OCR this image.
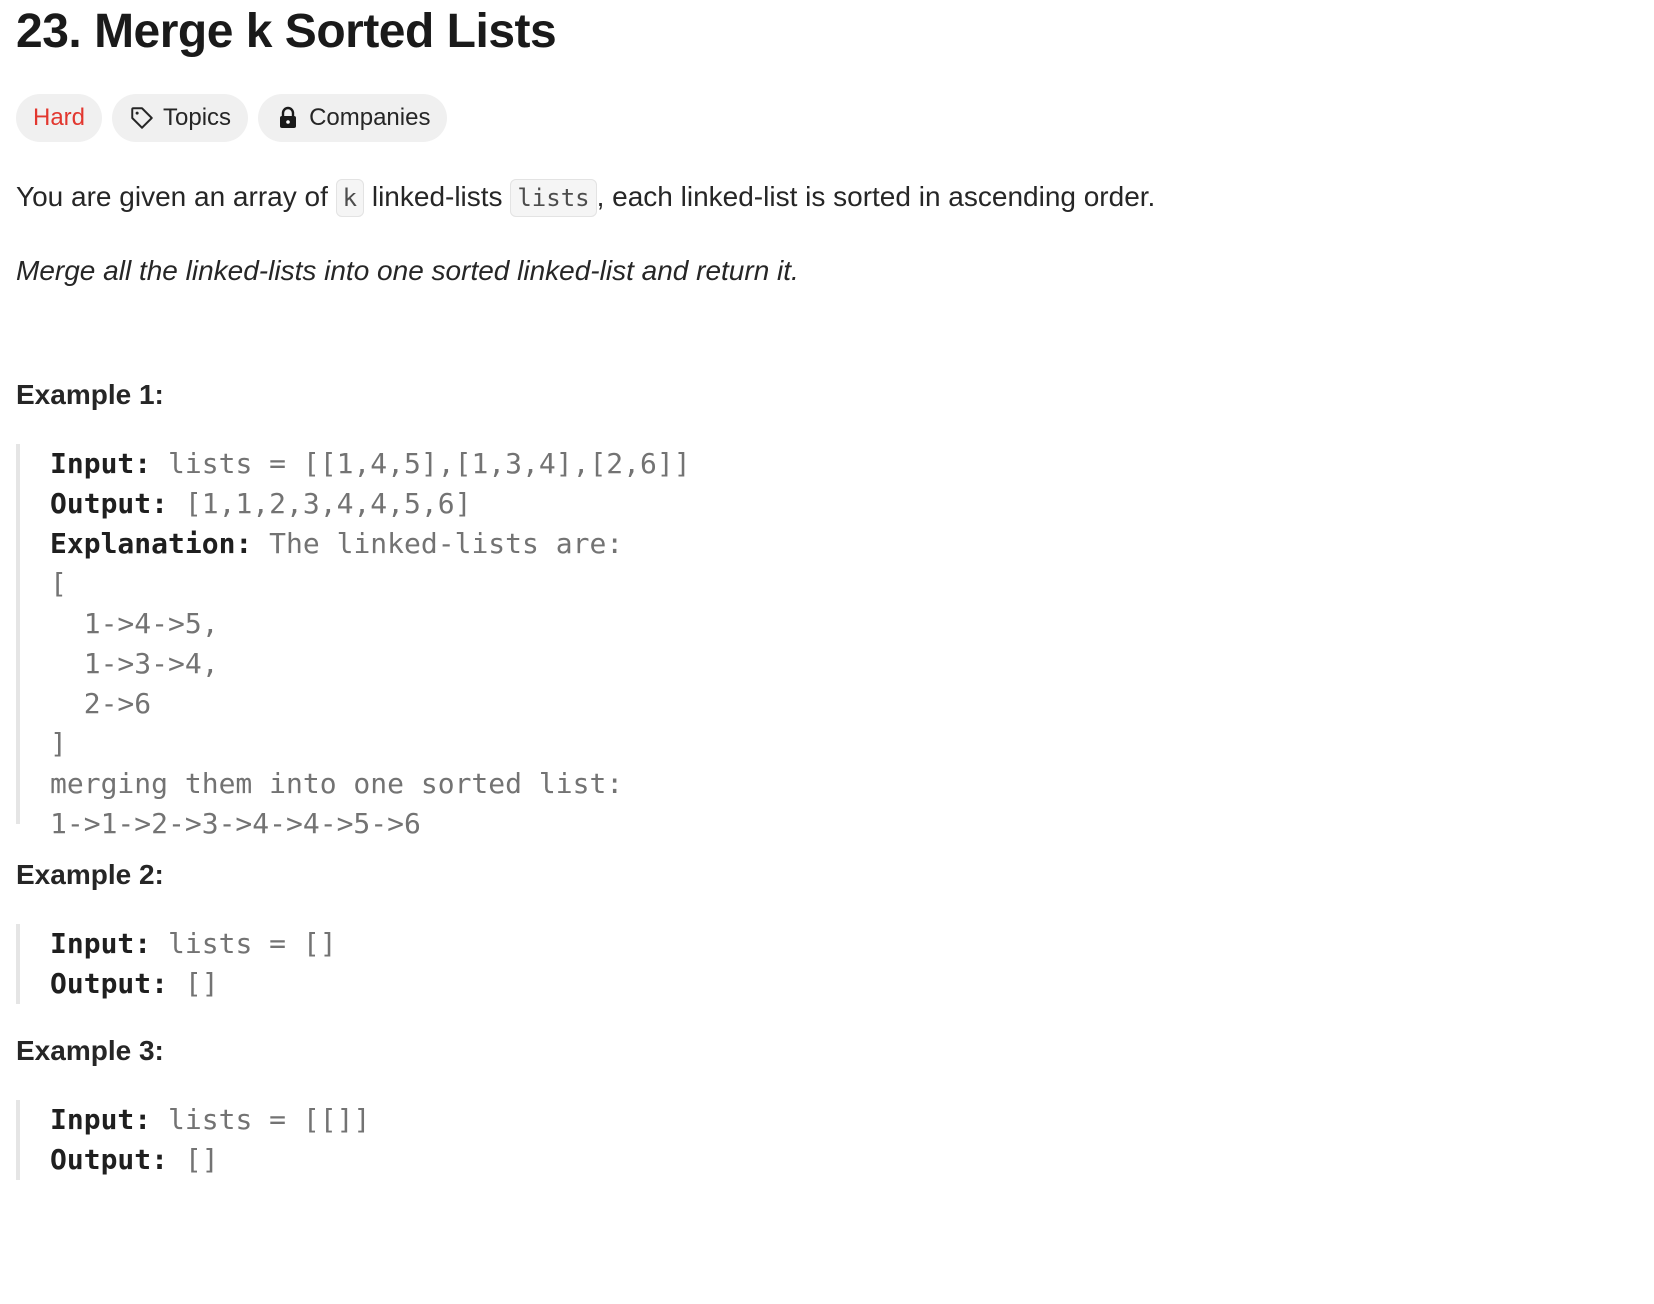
23. Merge k Sorted Lists
Hard	Topics	Companies
You are given an array of k linked-lists lists , each linked-list is sorted in ascending order.
Merge all the linked-lists into one sorted linked-list and return it.
Example 1:
Input: lists = [[1,4,5],[1,3,4],[2,6]]
Output: [1,1,2,3,4,4,5,6]
Explanation: The linked-lists are:
[
1->4->5,
1->3->4,
2->6
]
merging them into one sorted list:
1->1->2->3->4->4->5->6
Example 2:
Input: lists = []
Output: []
Example 3:
Input: lists = [[]]
Output: []
